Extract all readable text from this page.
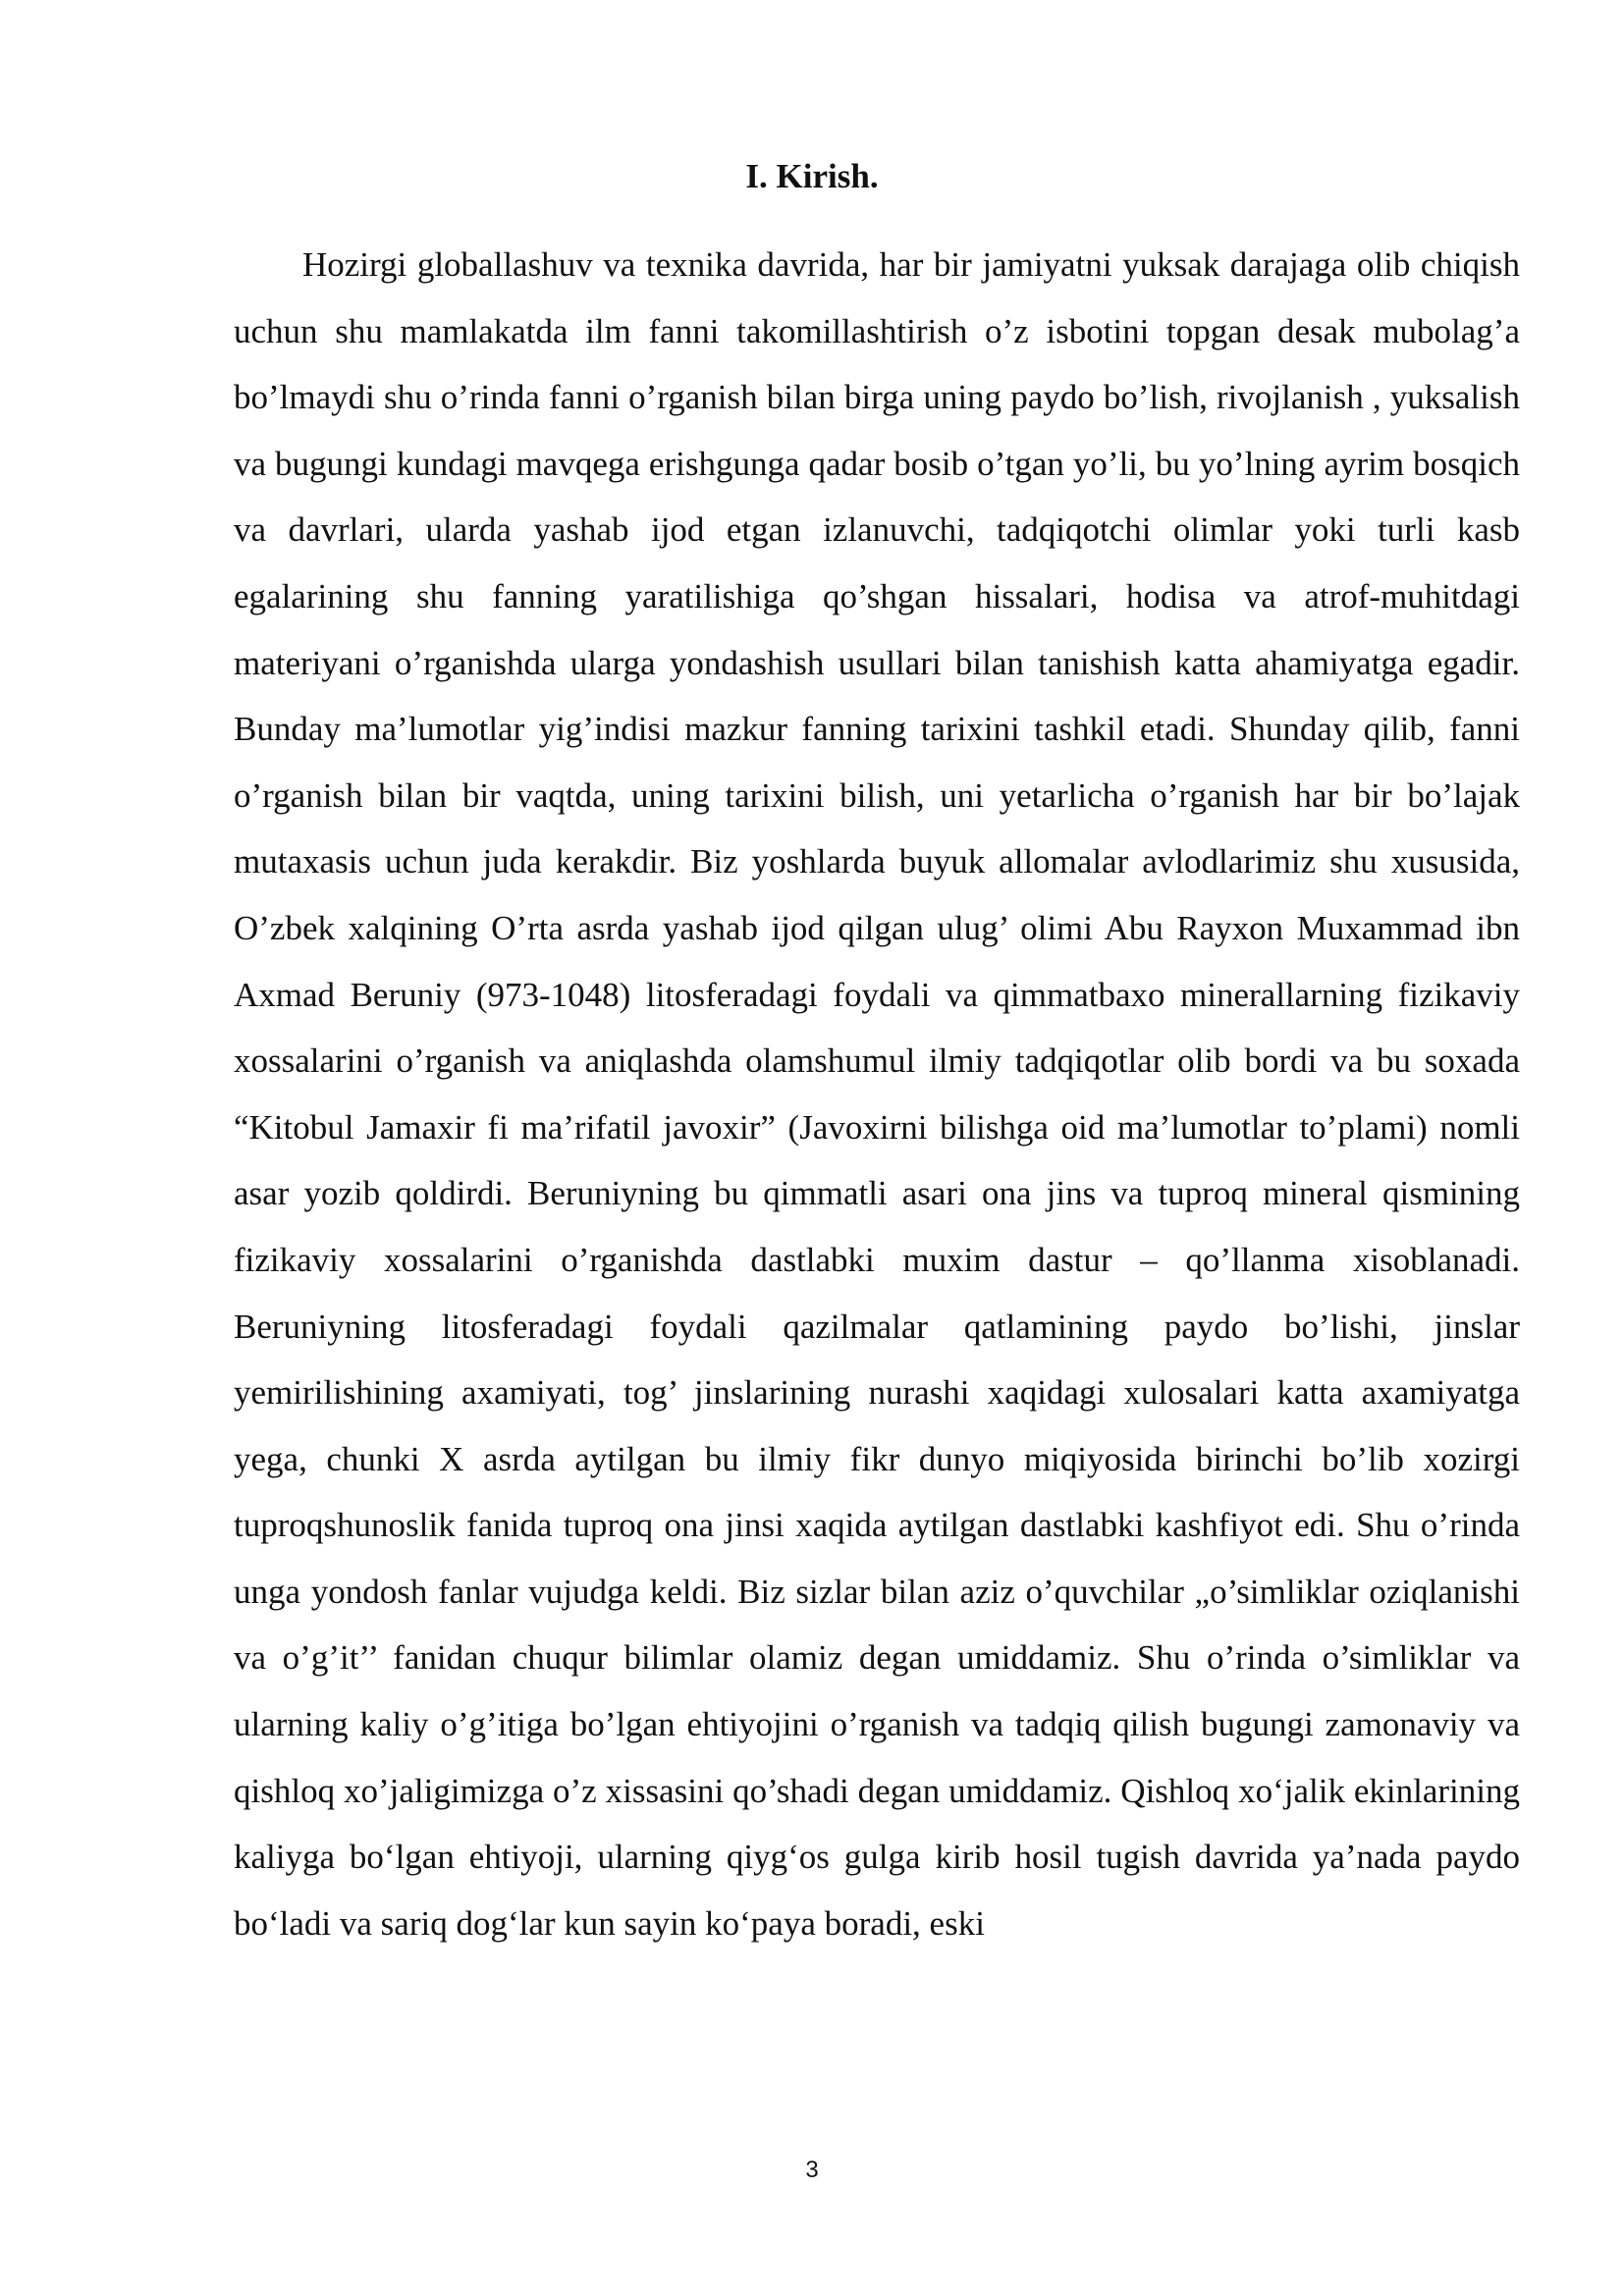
I. Kirish.

Hozirgi globallashuv va texnika davrida, har bir jamiyatni yuksak darajaga olib chiqish uchun shu mamlakatda ilm fanni takomillashtirish o’z isbotini topgan desak mubolag’a bo’lmaydi shu o’rinda fanni o’rganish bilan birga uning paydo bo’lish, rivojlanish , yuksalish va bugungi kundagi mavqega erishgunga qadar bosib o’tgan yo’li, bu yo’lning ayrim bosqich va davrlari, ularda yashab ijod etgan izlanuvchi, tadqiqotchi olimlar yoki turli kasb egalarining shu fanning yaratilishiga qo’shgan hissalari, hodisa va atrof-muhitdagi materiyani o’rganishda ularga yondashish usullari bilan tanishish katta ahamiyatga egadir. Bunday ma’lumotlar yig’indisi mazkur fanning tarixini tashkil etadi. Shunday qilib, fanni o’rganish bilan bir vaqtda, uning tarixini bilish, uni yetarlicha o’rganish har bir bo’lajak mutaxasis uchun juda kerakdir. Biz yoshlarda buyuk allomalar avlodlarimiz shu xususida, O’zbek xalqining O’rta asrda yashab ijod qilgan ulug’ olimi Abu Rayxon Muxammad ibn Axmad Beruniy (973-1048) litosferadagi foydali va qimmatbaxo minerallarning fizikaviy xossalarini o’rganish va aniqlashda olamshumul ilmiy tadqiqotlar olib bordi va bu soxada “Kitobul Jamaxir fi ma’rifatil javoxir” (Javoxirni bilishga oid ma’lumotlar to’plami) nomli asar yozib qoldirdi. Beruniyning bu qimmatli asari ona jins va tuproq mineral qismining fizikaviy xossalarini o’rganishda dastlabki muxim dastur – qo’llanma xisoblanadi. Beruniyning litosferadagi foydali qazilmalar qatlamining paydo bo’lishi, jinslar yemirilishining axamiyati, tog’ jinslarining nurashi xaqidagi xulosalari katta axamiyatga yega, chunki X asrda aytilgan bu ilmiy fikr dunyo miqiyosida birinchi bo’lib xozirgi tuproqshunoslik fanida tuproq ona jinsi xaqida aytilgan dastlabki kashfiyot edi. Shu o’rinda unga yondosh fanlar vujudga keldi. Biz sizlar bilan aziz o’quvchilar „o’simliklar oziqlanishi va o’g’it’’ fanidan chuqur bilimlar olamiz degan umiddamiz. Shu o’rinda o’simliklar va ularning kaliy o’g’itiga bo’lgan ehtiyojini o’rganish va tadqiq qilish bugungi zamonaviy va qishloq xo’jaligimizga o’z xissasini qo’shadi degan umiddamiz. Qishloq xo‘jalik ekinlarining kaliyga bo‘lgan ehtiyoji, ularning qiyg‘os gulga kirib hosil tugish davrida ya’nada paydo bo‘ladi va sariq dog‘lar kun sayin ko‘paya boradi, eski

3
